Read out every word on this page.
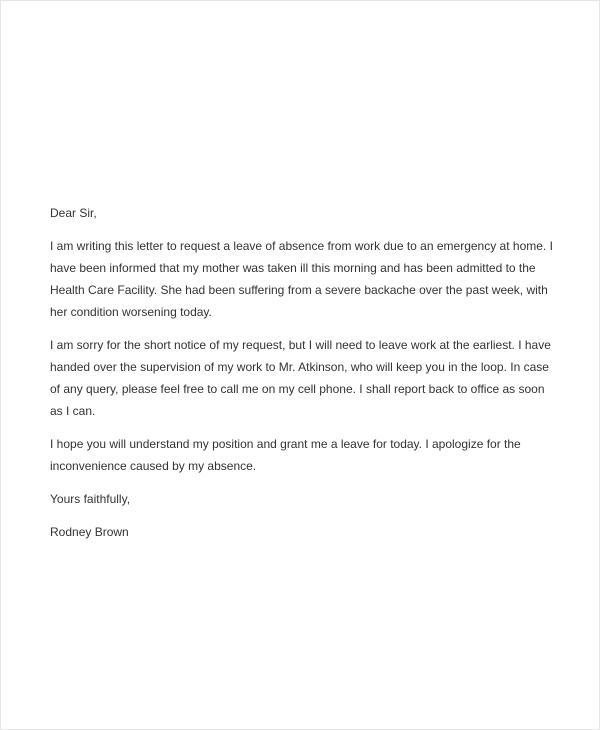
Dear Sir,

I am writing this letter to request a leave of absence from work due to an emergency at home. I have been informed that my mother was taken ill this morning and has been admitted to the Health Care Facility. She had been suffering from a severe backache over the past week, with her condition worsening today.

I am sorry for the short notice of my request, but I will need to leave work at the earliest. I have handed over the supervision of my work to Mr. Atkinson, who will keep you in the loop. In case of any query, please feel free to call me on my cell phone. I shall report back to office as soon as I can.

I hope you will understand my position and grant me a leave for today. I apologize for the inconvenience caused by my absence.

Yours faithfully,

Rodney Brown
